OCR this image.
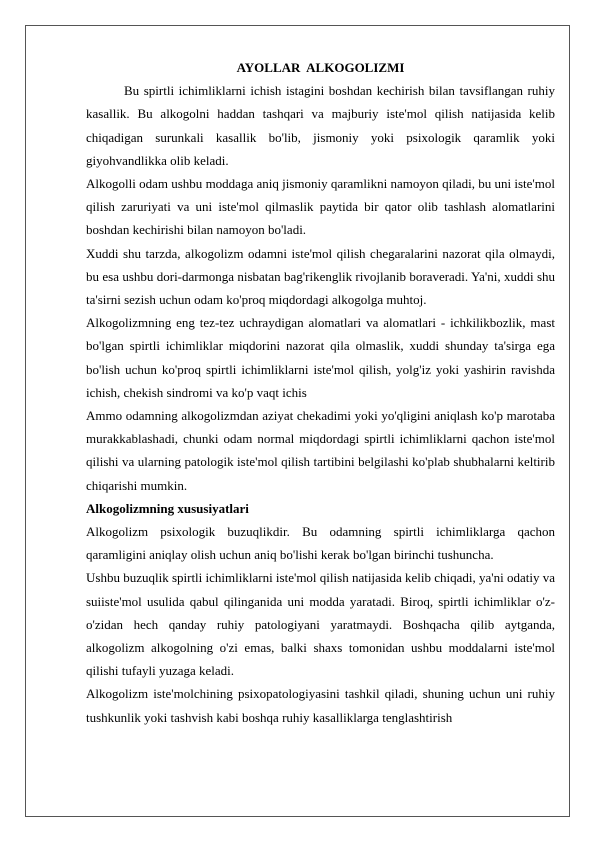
AYOLLAR  ALKOGOLIZMI

Bu spirtli ichimliklarni ichish istagini boshdan kechirish bilan tavsiflangan ruhiy kasallik. Bu alkogolni haddan tashqari va majburiy iste'mol qilish natijasida kelib chiqadigan surunkali kasallik bo'lib, jismoniy yoki psixologik qaramlik yoki giyohvandlikka olib keladi.

Alkogolli odam ushbu moddaga aniq jismoniy qaramlikni namoyon qiladi, bu uni iste'mol qilish zaruriyati va uni iste'mol qilmaslik paytida bir qator olib tashlash alomatlarini boshdan kechirishi bilan namoyon bo'ladi.

Xuddi shu tarzda, alkogolizm odamni iste'mol qilish chegaralarini nazorat qila olmaydi, bu esa ushbu dori-darmonga nisbatan bag'rikenglik rivojlanib boraveradi. Ya'ni, xuddi shu ta'sirni sezish uchun odam ko'proq miqdordagi alkogolga muhtoj.

Alkogolizmning eng tez-tez uchraydigan alomatlari va alomatlari - ichkilikbozlik, mast bo'lgan spirtli ichimliklar miqdorini nazorat qila olmaslik, xuddi shunday ta'sirga ega bo'lish uchun ko'proq spirtli ichimliklarni iste'mol qilish, yolg'iz yoki yashirin ravishda ichish, chekish sindromi va ko'p vaqt ichis

Ammo odamning alkogolizmdan aziyat chekadimi yoki yo'qligini aniqlash ko'p marotaba murakkablashadi, chunki odam normal miqdordagi spirtli ichimliklarni qachon iste'mol qilishi va ularning patologik iste'mol qilish tartibini belgilashi ko'plab shubhalarni keltirib chiqarishi mumkin.

Alkogolizmning xususiyatlari

Alkogolizm psixologik buzuqlikdir. Bu odamning spirtli ichimliklarga qachon qaramligini aniqlay olish uchun aniq bo'lishi kerak bo'lgan birinchi tushuncha.

Ushbu buzuqlik spirtli ichimliklarni iste'mol qilish natijasida kelib chiqadi, ya'ni odatiy va suiiste'mol usulida qabul qilinganida uni modda yaratadi. Biroq, spirtli ichimliklar o'z-o'zidan hech qanday ruhiy patologiyani yaratmaydi. Boshqacha qilib aytganda, alkogolizm alkogolning o'zi emas, balki shaxs tomonidan ushbu moddalarni iste'mol qilishi tufayli yuzaga keladi.

Alkogolizm iste'molchining psixopatologiyasini tashkil qiladi, shuning uchun uni ruhiy tushkunlik yoki tashvish kabi boshqa ruhiy kasalliklarga tenglashtirish
